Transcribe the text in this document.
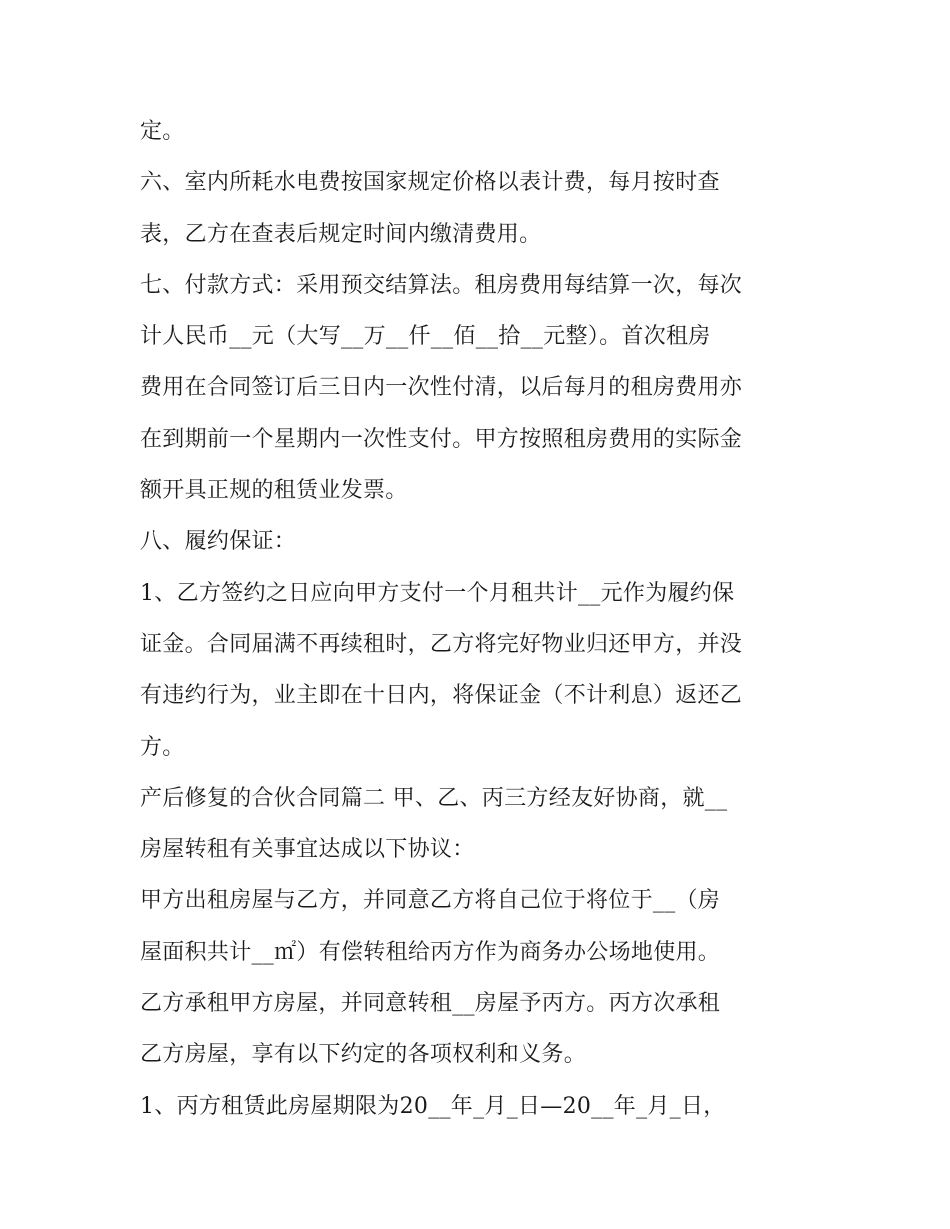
定。
六、室内所耗水电费按国家规定价格以表计费，每月按时查
表，乙方在查表后规定时间内缴清费用。
七、付款方式：采用预交结算法。租房费用每结算一次，每次
计人民币__元（大写__万__仟__佰__拾__元整）。首次租房
费用在合同签订后三日内一次性付清，以后每月的租房费用亦
在到期前一个星期内一次性支付。甲方按照租房费用的实际金
额开具正规的租赁业发票。
八、履约保证：
1、乙方签约之日应向甲方支付一个月租共计__元作为履约保
证金。合同届满不再续租时，乙方将完好物业归还甲方，并没
有违约行为，业主即在十日内，将保证金（不计利息）返还乙
方。
产后修复的合伙合同篇二 甲、乙、丙三方经友好协商，就__
房屋转租有关事宜达成以下协议：
甲方出租房屋与乙方，并同意乙方将自己位于将位于__（房
屋面积共计__㎡）有偿转租给丙方作为商务办公场地使用。
乙方承租甲方房屋，并同意转租__房屋予丙方。丙方次承租
乙方房屋，享有以下约定的各项权利和义务。
1、丙方租赁此房屋期限为20__年_月_日—20__年_月_日，
